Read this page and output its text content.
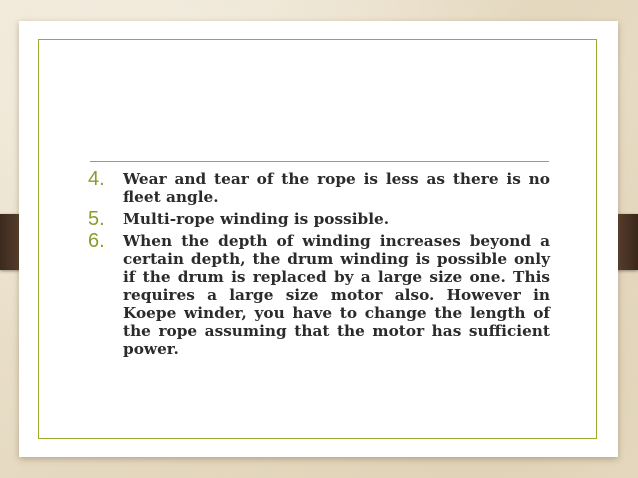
4.	Wear and tear of the rope is less as there is no fleet angle.
5.	Multi-rope winding is possible.
6.	When the depth of winding increases beyond a certain depth, the drum winding is possible only if the drum is replaced by a large size one. This requires a large size motor also. However in Koepe winder, you have to change the length of the rope assuming that the motor has sufficient power.
